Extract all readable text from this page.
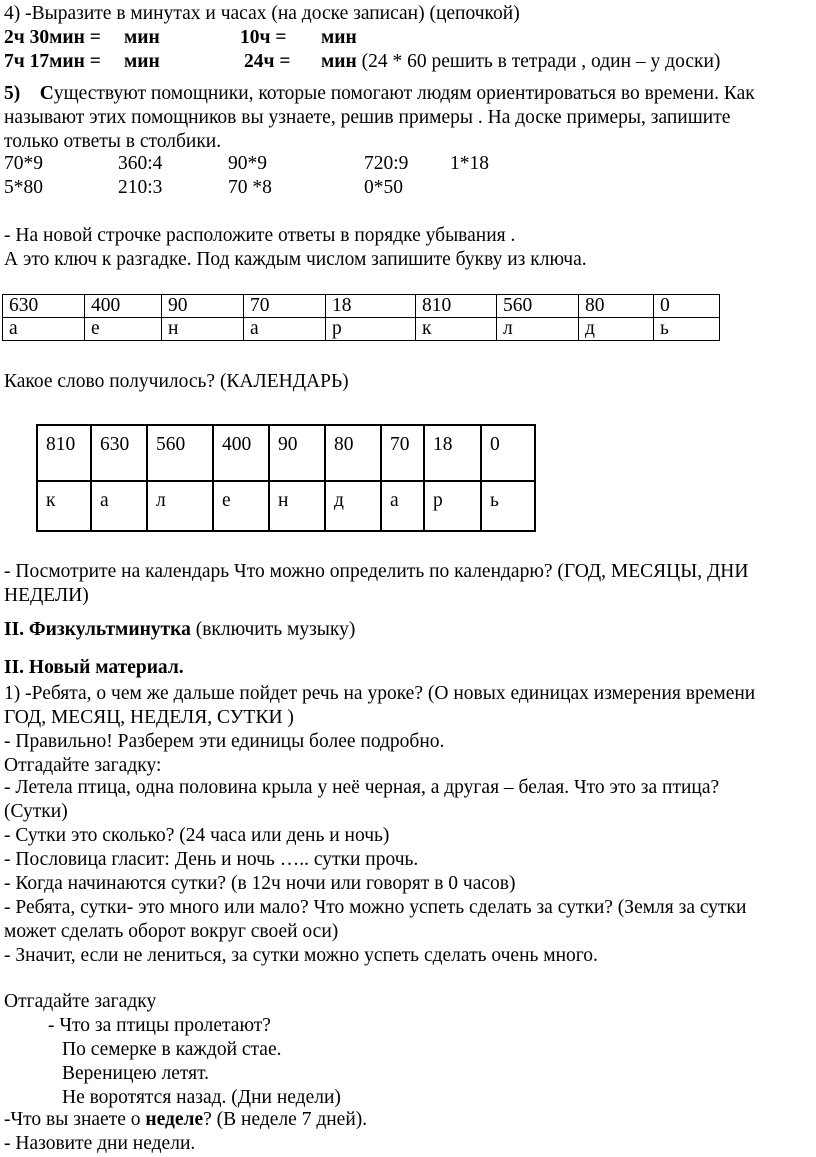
4) -Выразите в минутах и часах (на доске записан) (цепочкой)
2ч 30мин = мин	10ч = мин
7ч 17мин = мин	24ч = мин (24 * 60 решить в тетради , один – у доски)
5) Существуют помощники, которые помогают людям ориентироваться во времени. Как
называют этих помощников вы узнаете, решив примеры . На доске примеры, запишите
только ответы в столбики.
70*9	360:4	90*9	720:9 1*18
5*80	210:3	70 *8	0*50
- На новой строчке расположите ответы в порядке убывания .
А это ключ к разгадке. Под каждым числом запишите букву из ключа.
630	400	90	70	18	810	560	80	0
а	е	н	а	р	к	л	д	ь
Какое слово получилось? (КАЛЕНДАРЬ)
810	630	560	400	90	80	70	18	0
к	а	л	е	н	д	а	р	ь
- Посмотрите на календарь Что можно определить по календарю? (ГОД, МЕСЯЦЫ, ДНИ
НЕДЕЛИ)
II. Физкультминутка (включить музыку)
II. Новый материал.
1) -Ребята, о чем же дальше пойдет речь на уроке? (О новых единицах измерения времени
ГОД, МЕСЯЦ, НЕДЕЛЯ, СУТКИ )
- Правильно! Разберем эти единицы более подробно.
Отгадайте загадку:
- Летела птица, одна половина крыла у неё черная, а другая – белая. Что это за птица?
(Сутки)
- Сутки это сколько? (24 часа или день и ночь)
- Пословица гласит: День и ночь ….. сутки прочь.
- Когда начинаются сутки? (в 12ч ночи или говорят в 0 часов)
- Ребята, сутки- это много или мало? Что можно успеть сделать за сутки? (Земля за сутки
может сделать оборот вокруг своей оси)
- Значит, если не лениться, за сутки можно успеть сделать очень много.
Отгадайте загадку
- Что за птицы пролетают?
По семерке в каждой стае.
Вереницею летят.
Не воротятся назад. (Дни недели)
-Что вы знаете о неделе? (В неделе 7 дней).
- Назовите дни недели.
